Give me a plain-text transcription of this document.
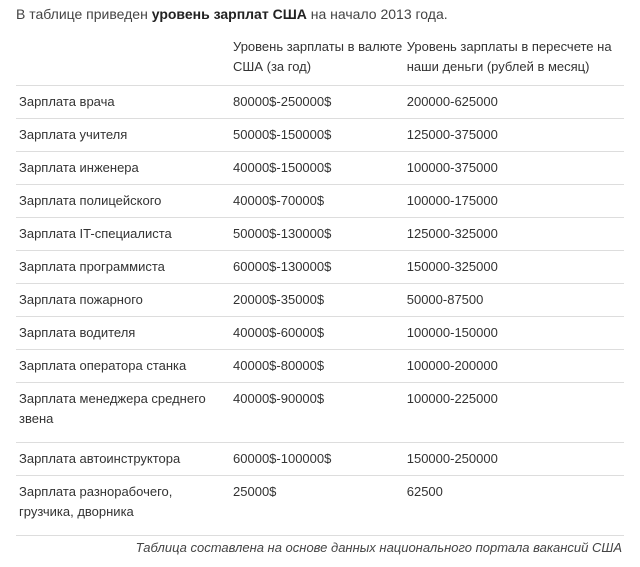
В таблице приведен уровень зарплат США на начало 2013 года.
	Уровень зарплаты в валюте США (за год)	Уровень зарплаты в пересчете на наши деньги (рублей в месяц)
Зарплата врача	80000$-250000$	200000-625000
Зарплата учителя	50000$-150000$	125000-375000
Зарплата инженера	40000$-150000$	100000-375000
Зарплата полицейского	40000$-70000$	100000-175000
Зарплата IT-специалиста	50000$-130000$	125000-325000
Зарплата программиста	60000$-130000$	150000-325000
Зарплата пожарного	20000$-35000$	50000-87500
Зарплата водителя	40000$-60000$	100000-150000
Зарплата оператора станка	40000$-80000$	100000-200000
Зарплата менеджера среднего звена	40000$-90000$	100000-225000
Зарплата автоинструктора	60000$-100000$	150000-250000
Зарплата разнорабочего, грузчика, дворника	25000$	62500
Таблица составлена на основе данных национального портала вакансий США
